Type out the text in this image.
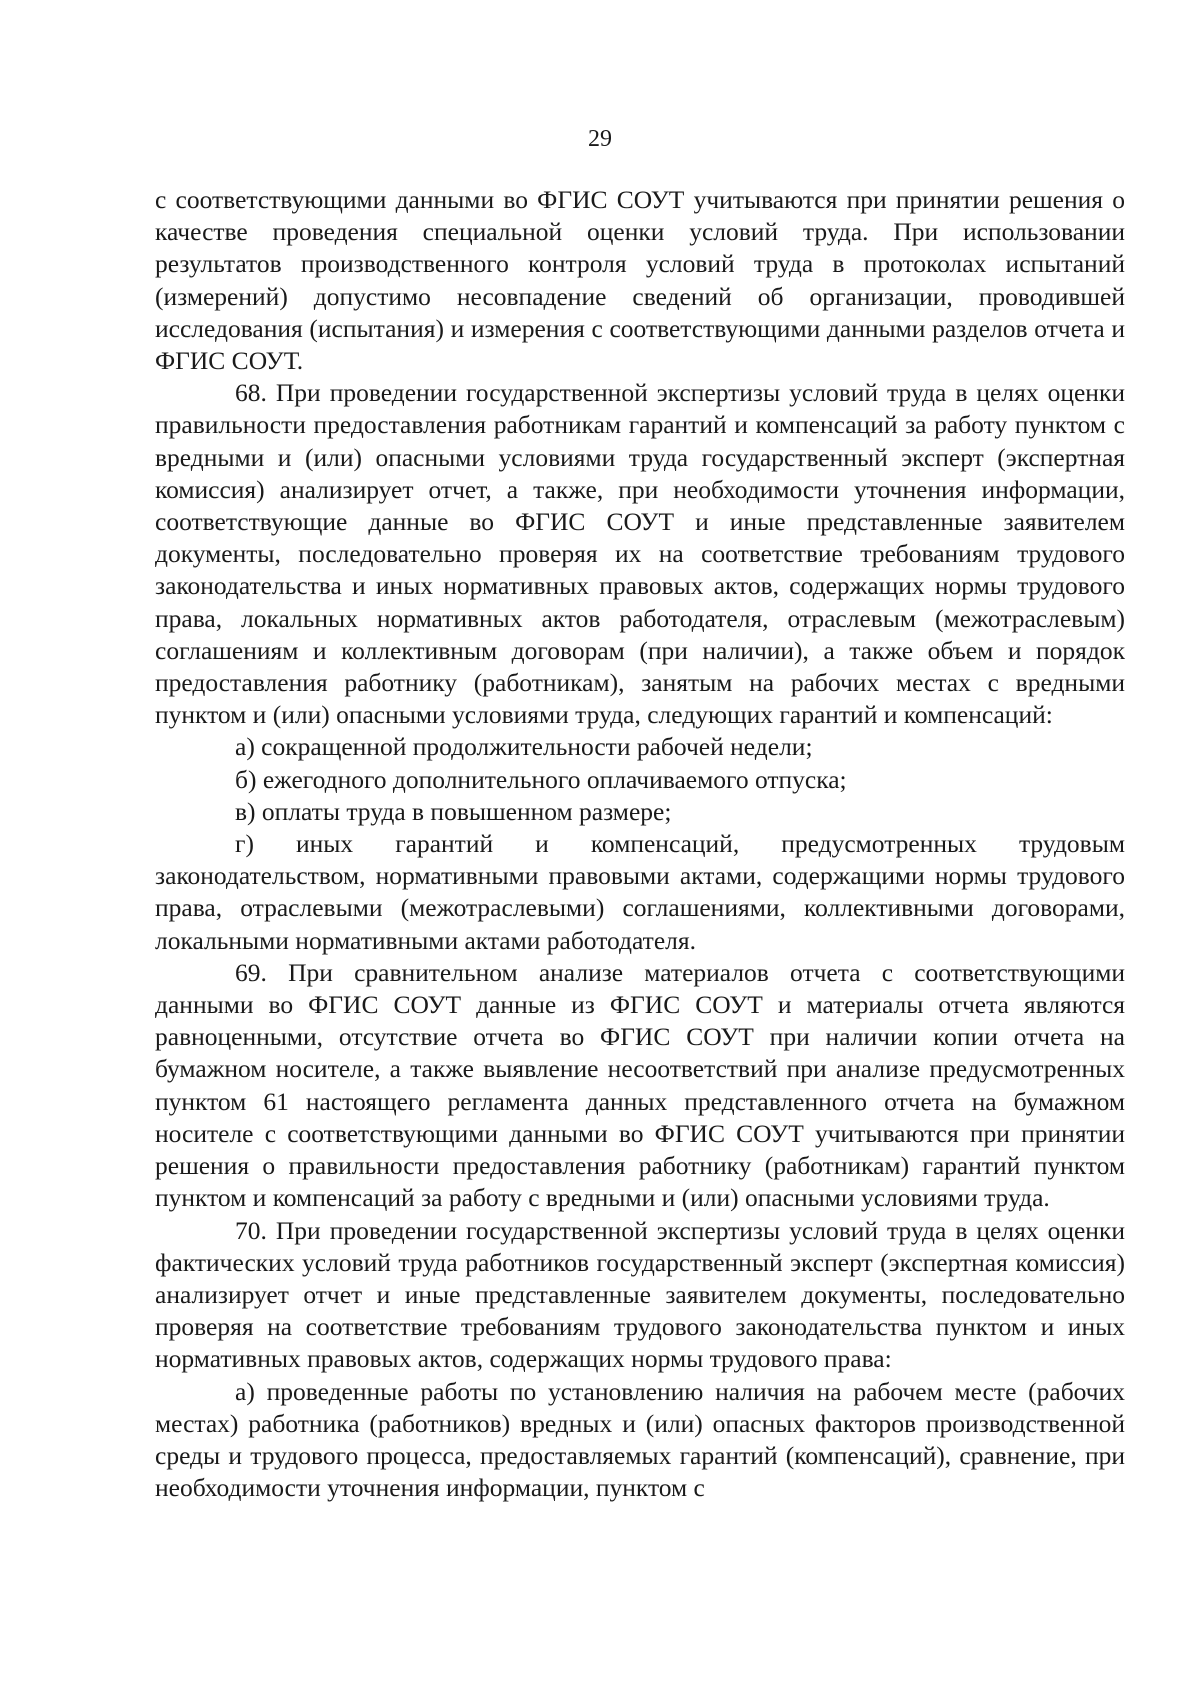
29

с соответствующими данными во ФГИС СОУТ учитываются при принятии решения о качестве проведения специальной оценки условий труда. При использовании результатов производственного контроля условий труда в протоколах испытаний (измерений) допустимо несовпадение сведений об организации, проводившей исследования (испытания) и измерения с соответствующими данными разделов отчета и ФГИС СОУТ.

68. При проведении государственной экспертизы условий труда в целях оценки правильности предоставления работникам гарантий и компенсаций за работу пунктом с вредными и (или) опасными условиями труда государственный эксперт (экспертная комиссия) анализирует отчет, а также, при необходимости уточнения информации, соответствующие данные во ФГИС СОУТ и иные представленные заявителем документы, последовательно проверяя их на соответствие требованиям трудового законодательства и иных нормативных правовых актов, содержащих нормы трудового права, локальных нормативных актов работодателя, отраслевым (межотраслевым) соглашениям и коллективным договорам (при наличии), а также объем и порядок предоставления работнику (работникам), занятым на рабочих местах с вредными пунктом и (или) опасными условиями труда, следующих гарантий и компенсаций:

а) сокращенной продолжительности рабочей недели;

б) ежегодного дополнительного оплачиваемого отпуска;

в) оплаты труда в повышенном размере;

г) иных гарантий и компенсаций, предусмотренных трудовым законодательством, нормативными правовыми актами, содержащими нормы трудового права, отраслевыми (межотраслевыми) соглашениями, коллективными договорами, локальными нормативными актами работодателя.

69. При сравнительном анализе материалов отчета с соответствующими данными во ФГИС СОУТ данные из ФГИС СОУТ и материалы отчета являются равноценными, отсутствие отчета во ФГИС СОУТ при наличии копии отчета на бумажном носителе, а также выявление несоответствий при анализе предусмотренных пунктом 61 настоящего регламента данных представленного отчета на бумажном носителе с соответствующими данными во ФГИС СОУТ учитываются при принятии решения о правильности предоставления работнику (работникам) гарантий пунктом пунктом и компенсаций за работу с вредными и (или) опасными условиями труда.

70. При проведении государственной экспертизы условий труда в целях оценки фактических условий труда работников государственный эксперт (экспертная комиссия) анализирует отчет и иные представленные заявителем документы, последовательно проверяя на соответствие требованиям трудового законодательства пунктом и иных нормативных правовых актов, содержащих нормы трудового права:

а) проведенные работы по установлению наличия на рабочем месте (рабочих местах) работника (работников) вредных и (или) опасных факторов производственной среды и трудового процесса, предоставляемых гарантий (компенсаций), сравнение, при необходимости уточнения информации, пунктом с
